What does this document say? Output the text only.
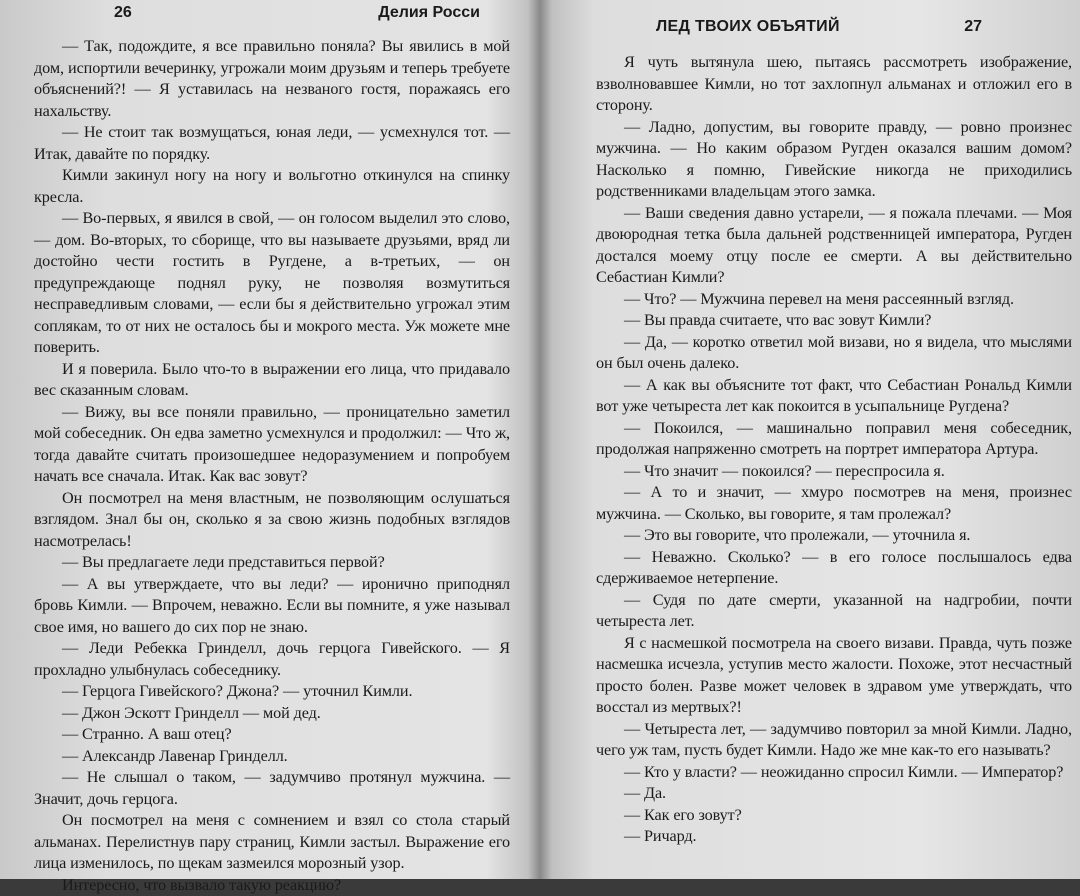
26	Делия Росси

— Так, подождите, я все правильно поняла? Вы явились в мой дом, испортили вечеринку, угрожали моим друзьям и теперь требуете объяснений?! — Я уставилась на незваного гостя, поражаясь его нахальству.

— Не стоит так возмущаться, юная леди, — усмехнулся тот. — Итак, давайте по порядку.

Кимли закинул ногу на ногу и вольготно откинулся на спинку кресла.

— Во-первых, я явился в свой, — он голосом выделил это слово, — дом. Во-вторых, то сборище, что вы называете друзьями, вряд ли достойно чести гостить в Ругдене, а в-третьих, — он предупреждающе поднял руку, не позволяя возмутиться несправедливым словами, — если бы я действительно угрожал этим соплякам, то от них не осталось бы и мокрого места. Уж можете мне поверить.

И я поверила. Было что-то в выражении его лица, что придавало вес сказанным словам.

— Вижу, вы все поняли правильно, — проницательно заметил мой собеседник. Он едва заметно усмехнулся и продолжил: — Что ж, тогда давайте считать произошедшее недоразумением и попробуем начать все сначала. Итак. Как вас зовут?

Он посмотрел на меня властным, не позволяющим ослушаться взглядом. Знал бы он, сколько я за свою жизнь подобных взглядов насмотрелась!

— Вы предлагаете леди представиться первой?

— А вы утверждаете, что вы леди? — иронично приподнял бровь Кимли. — Впрочем, неважно. Если вы помните, я уже называл свое имя, но вашего до сих пор не знаю.

— Леди Ребекка Гринделл, дочь герцога Гивейского. — Я прохладно улыбнулась собеседнику.

— Герцога Гивейского? Джона? — уточнил Кимли.

— Джон Эскотт Гринделл — мой дед.

— Странно. А ваш отец?

— Александр Лавенар Гринделл.

— Не слышал о таком, — задумчиво протянул мужчина. — Значит, дочь герцога.

Он посмотрел на меня с сомнением и взял со стола старый альманах. Перелистнув пару страниц, Кимли застыл. Выражение его лица изменилось, по щекам зазмеился морозный узор.

Интересно, что вызвало такую реакцию?

ЛЕД ТВОИХ ОБЪЯТИЙ	27

Я чуть вытянула шею, пытаясь рассмотреть изображение, взволновавшее Кимли, но тот захлопнул альманах и отложил его в сторону.

— Ладно, допустим, вы говорите правду, — ровно произнес мужчина. — Но каким образом Ругден оказался вашим домом? Насколько я помню, Гивейские никогда не приходились родственниками владельцам этого замка.

— Ваши сведения давно устарели, — я пожала плечами. — Моя двоюродная тетка была дальней родственницей императора, Ругден достался моему отцу после ее смерти. А вы действительно Себастиан Кимли?

— Что? — Мужчина перевел на меня рассеянный взгляд.

— Вы правда считаете, что вас зовут Кимли?

— Да, — коротко ответил мой визави, но я видела, что мыслями он был очень далеко.

— А как вы объясните тот факт, что Себастиан Рональд Кимли вот уже четыреста лет как покоится в усыпальнице Ругдена?

— Покоился, — машинально поправил меня собеседник, продолжая напряженно смотреть на портрет императора Артура.

— Что значит — покоился? — переспросила я.

— А то и значит, — хмуро посмотрев на меня, произнес мужчина. — Сколько, вы говорите, я там пролежал?

— Это вы говорите, что пролежали, — уточнила я.

— Неважно. Сколько? — в его голосе послышалось едва сдерживаемое нетерпение.

— Судя по дате смерти, указанной на надгробии, почти четыреста лет.

Я с насмешкой посмотрела на своего визави. Правда, чуть позже насмешка исчезла, уступив место жалости. Похоже, этот несчастный просто болен. Разве может человек в здравом уме утверждать, что восстал из мертвых?!

— Четыреста лет, — задумчиво повторил за мной Кимли. Ладно, чего уж там, пусть будет Кимли. Надо же мне как-то его называть?

— Кто у власти? — неожиданно спросил Кимли. — Император?

— Да.

— Как его зовут?

— Ричард.
